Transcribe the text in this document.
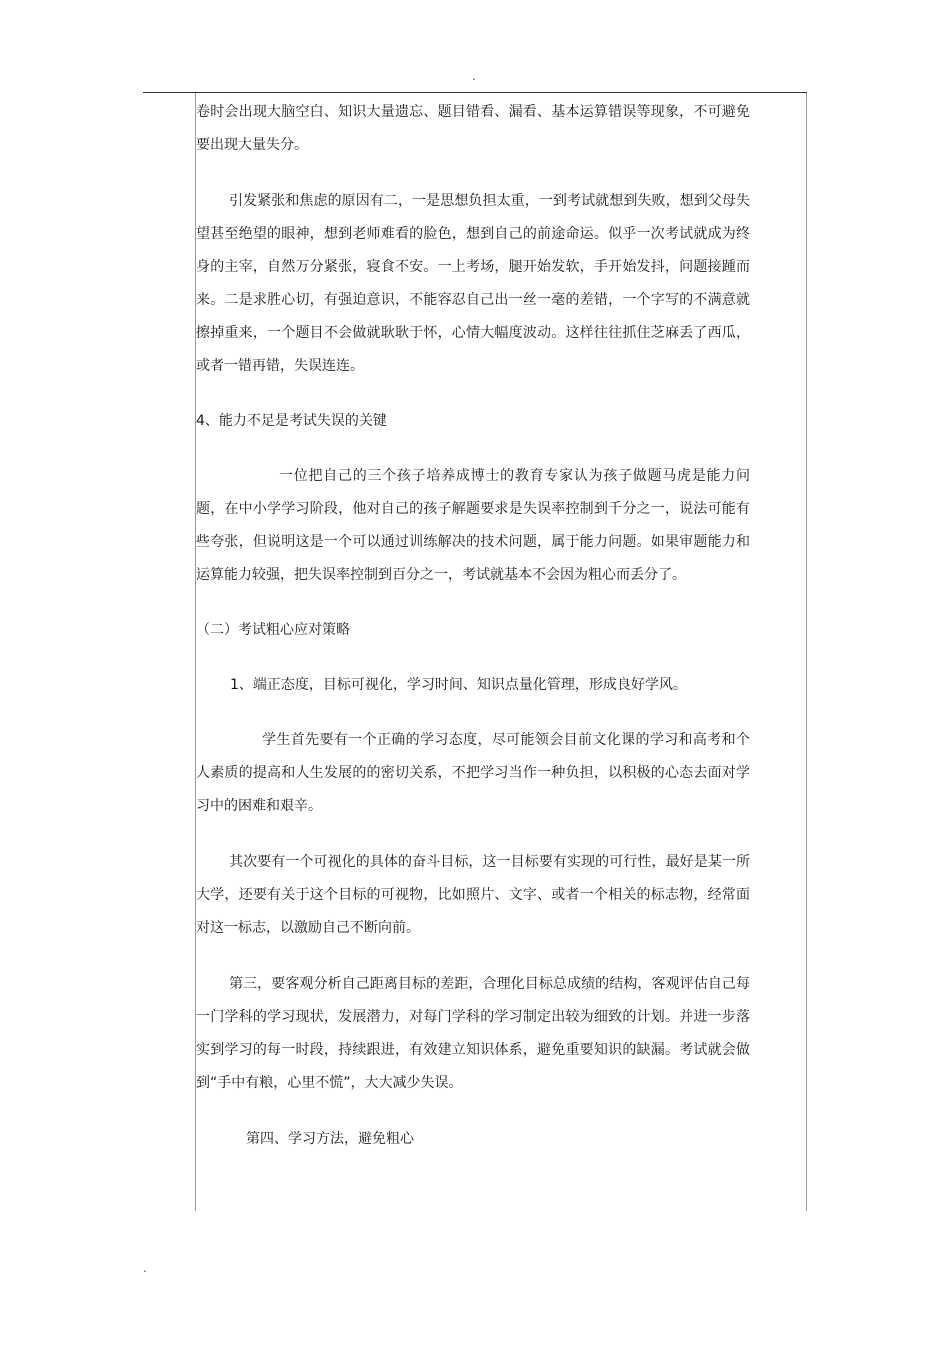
.

卷时会出现大脑空白、知识大量遗忘、题目错看、漏看、基本运算错误等现象，不可避免要出现大量失分。

引发紧张和焦虑的原因有二，一是思想负担太重，一到考试就想到失败，想到父母失望甚至绝望的眼神，想到老师难看的脸色，想到自己的前途命运。似乎一次考试就成为终身的主宰，自然万分紧张，寝食不安。一上考场，腿开始发软，手开始发抖，问题接踵而来。二是求胜心切，有强迫意识，不能容忍自己出一丝一毫的差错，一个字写的不满意就擦掉重来，一个题目不会做就耿耿于怀，心情大幅度波动。这样往往抓住芝麻丢了西瓜，或者一错再错，失误连连。

4、能力不足是考试失误的关键

一位把自己的三个孩子培养成博士的教育专家认为孩子做题马虎是能力问题，在中小学学习阶段，他对自己的孩子解题要求是失误率控制到千分之一，说法可能有些夸张，但说明这是一个可以通过训练解决的技术问题，属于能力问题。如果审题能力和运算能力较强，把失误率控制到百分之一，考试就基本不会因为粗心而丢分了。

（二）考试粗心应对策略

1、端正态度，目标可视化，学习时间、知识点量化管理，形成良好学风。

学生首先要有一个正确的学习态度，尽可能领会目前文化课的学习和高考和个人素质的提高和人生发展的的密切关系，不把学习当作一种负担，以积极的心态去面对学习中的困难和艰辛。

其次要有一个可视化的具体的奋斗目标，这一目标要有实现的可行性，最好是某一所大学，还要有关于这个目标的可视物，比如照片、文字、或者一个相关的标志物，经常面对这一标志，以激励自己不断向前。

第三，要客观分析自己距离目标的差距，合理化目标总成绩的结构，客观评估自己每一门学科的学习现状，发展潜力，对每门学科的学习制定出较为细致的计划。并进一步落实到学习的每一时段，持续跟进，有效建立知识体系，避免重要知识的缺漏。考试就会做到“手中有粮，心里不慌”，大大减少失误。

第四、学习方法，避免粗心

.
